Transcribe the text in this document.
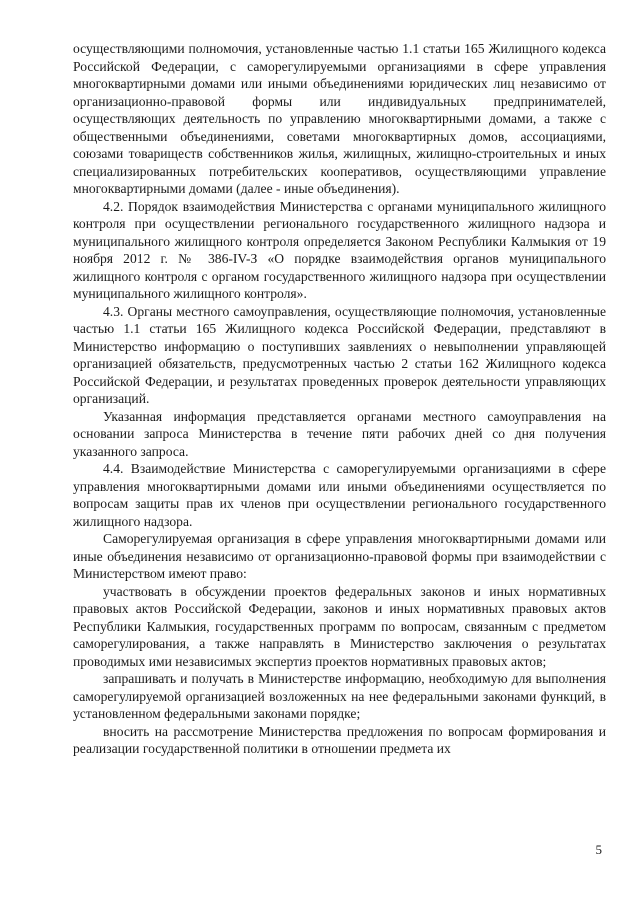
осуществляющими полномочия, установленные частью 1.1 статьи 165 Жилищного кодекса Российской Федерации, с саморегулируемыми организациями в сфере управления многоквартирными домами или иными объединениями юридических лиц независимо от организационно-правовой формы или индивидуальных предпринимателей, осуществляющих деятельность по управлению многоквартирными домами, а также с общественными объединениями, советами многоквартирных домов, ассоциациями, союзами товариществ собственников жилья, жилищных, жилищно-строительных и иных специализированных потребительских кооперативов, осуществляющими управление многоквартирными домами (далее - иные объединения).

4.2. Порядок взаимодействия Министерства с органами муниципального жилищного контроля при осуществлении регионального государственного жилищного надзора и муниципального жилищного контроля определяется Законом Республики Калмыкия от 19 ноября 2012 г. № 386-IV-З «О порядке взаимодействия органов муниципального жилищного контроля с органом государственного жилищного надзора при осуществлении муниципального жилищного контроля».

4.3. Органы местного самоуправления, осуществляющие полномочия, установленные частью 1.1 статьи 165 Жилищного кодекса Российской Федерации, представляют в Министерство информацию о поступивших заявлениях о невыполнении управляющей организацией обязательств, предусмотренных частью 2 статьи 162 Жилищного кодекса Российской Федерации, и результатах проведенных проверок деятельности управляющих организаций.

Указанная информация представляется органами местного самоуправления на основании запроса Министерства в течение пяти рабочих дней со дня получения указанного запроса.

4.4. Взаимодействие Министерства с саморегулируемыми организациями в сфере управления многоквартирными домами или иными объединениями осуществляется по вопросам защиты прав их членов при осуществлении регионального государственного жилищного надзора.

Саморегулируемая организация в сфере управления многоквартирными домами или иные объединения независимо от организационно-правовой формы при взаимодействии с Министерством имеют право:

участвовать в обсуждении проектов федеральных законов и иных нормативных правовых актов Российской Федерации, законов и иных нормативных правовых актов Республики Калмыкия, государственных программ по вопросам, связанным с предметом саморегулирования, а также направлять в Министерство заключения о результатах проводимых ими независимых экспертиз проектов нормативных правовых актов;

запрашивать и получать в Министерстве информацию, необходимую для выполнения саморегулируемой организацией возложенных на нее федеральными законами функций, в установленном федеральными законами порядке;

вносить на рассмотрение Министерства предложения по вопросам формирования и реализации государственной политики в отношении предмета их

5
